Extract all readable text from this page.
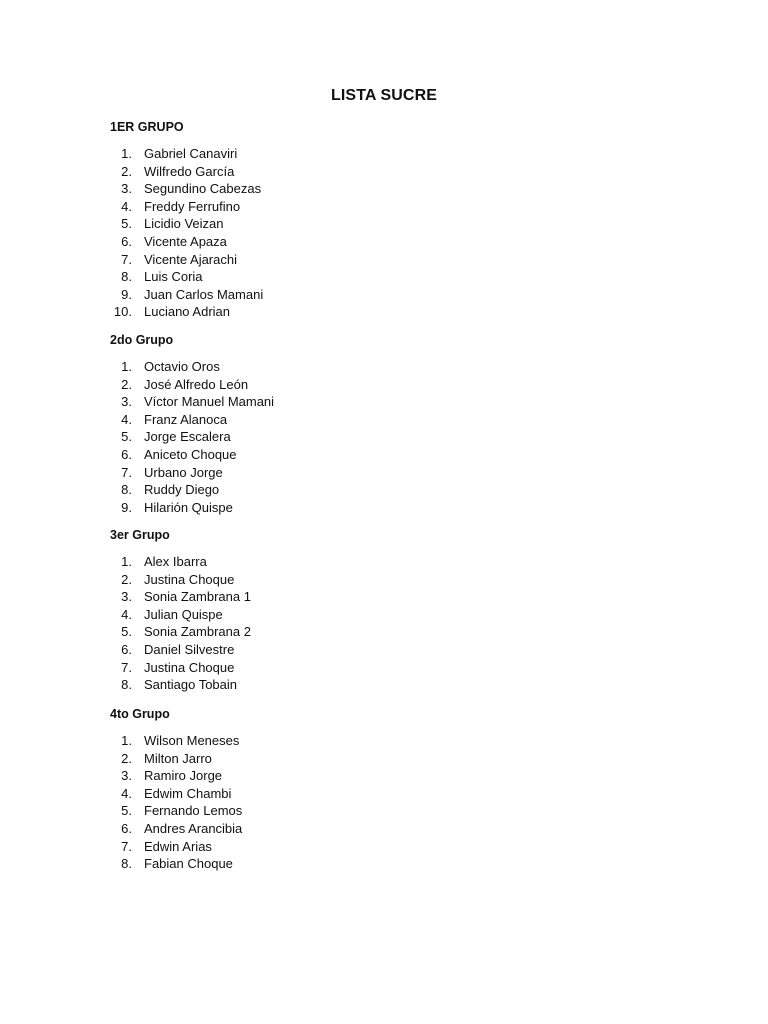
LISTA SUCRE
1ER GRUPO
1. Gabriel Canaviri
2. Wilfredo García
3. Segundino Cabezas
4. Freddy Ferrufino
5. Licidio Veizan
6. Vicente Apaza
7. Vicente Ajarachi
8. Luis Coria
9. Juan Carlos Mamani
10. Luciano Adrian
2do Grupo
1. Octavio Oros
2. José Alfredo León
3. Víctor Manuel Mamani
4. Franz Alanoca
5. Jorge Escalera
6. Aniceto Choque
7. Urbano Jorge
8. Ruddy Diego
9. Hilarión Quispe
3er Grupo
1. Alex Ibarra
2. Justina Choque
3. Sonia Zambrana 1
4. Julian Quispe
5. Sonia Zambrana 2
6. Daniel Silvestre
7. Justina Choque
8. Santiago Tobain
4to Grupo
1. Wilson Meneses
2. Milton Jarro
3. Ramiro Jorge
4. Edwim Chambi
5. Fernando Lemos
6. Andres Arancibia
7. Edwin Arias
8. Fabian Choque
